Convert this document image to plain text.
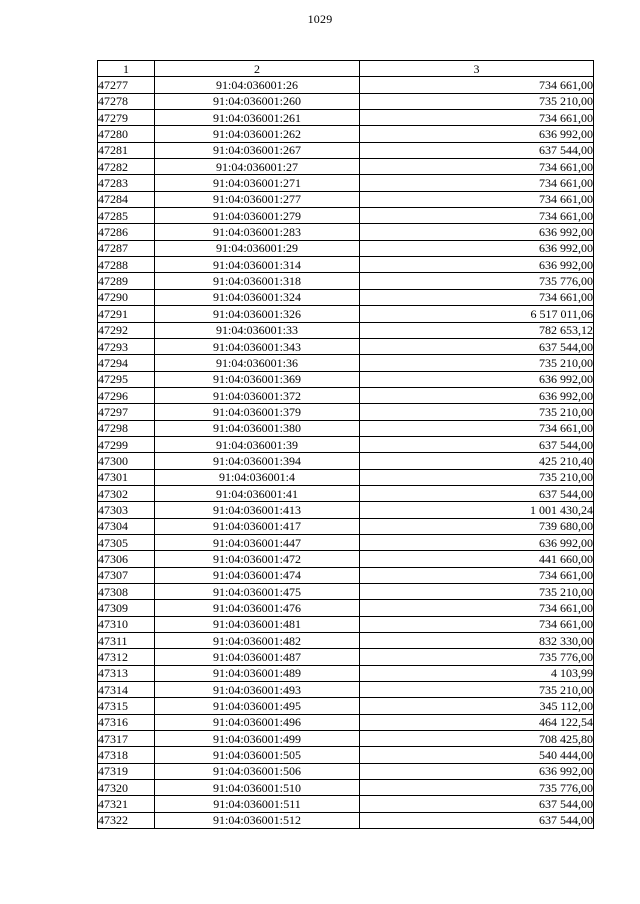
1029
1	2	3
47277	91:04:036001:26	734 661,00
47278	91:04:036001:260	735 210,00
47279	91:04:036001:261	734 661,00
47280	91:04:036001:262	636 992,00
47281	91:04:036001:267	637 544,00
47282	91:04:036001:27	734 661,00
47283	91:04:036001:271	734 661,00
47284	91:04:036001:277	734 661,00
47285	91:04:036001:279	734 661,00
47286	91:04:036001:283	636 992,00
47287	91:04:036001:29	636 992,00
47288	91:04:036001:314	636 992,00
47289	91:04:036001:318	735 776,00
47290	91:04:036001:324	734 661,00
47291	91:04:036001:326	6 517 011,06
47292	91:04:036001:33	782 653,12
47293	91:04:036001:343	637 544,00
47294	91:04:036001:36	735 210,00
47295	91:04:036001:369	636 992,00
47296	91:04:036001:372	636 992,00
47297	91:04:036001:379	735 210,00
47298	91:04:036001:380	734 661,00
47299	91:04:036001:39	637 544,00
47300	91:04:036001:394	425 210,40
47301	91:04:036001:4	735 210,00
47302	91:04:036001:41	637 544,00
47303	91:04:036001:413	1 001 430,24
47304	91:04:036001:417	739 680,00
47305	91:04:036001:447	636 992,00
47306	91:04:036001:472	441 660,00
47307	91:04:036001:474	734 661,00
47308	91:04:036001:475	735 210,00
47309	91:04:036001:476	734 661,00
47310	91:04:036001:481	734 661,00
47311	91:04:036001:482	832 330,00
47312	91:04:036001:487	735 776,00
47313	91:04:036001:489	4 103,99
47314	91:04:036001:493	735 210,00
47315	91:04:036001:495	345 112,00
47316	91:04:036001:496	464 122,54
47317	91:04:036001:499	708 425,80
47318	91:04:036001:505	540 444,00
47319	91:04:036001:506	636 992,00
47320	91:04:036001:510	735 776,00
47321	91:04:036001:511	637 544,00
47322	91:04:036001:512	637 544,00
